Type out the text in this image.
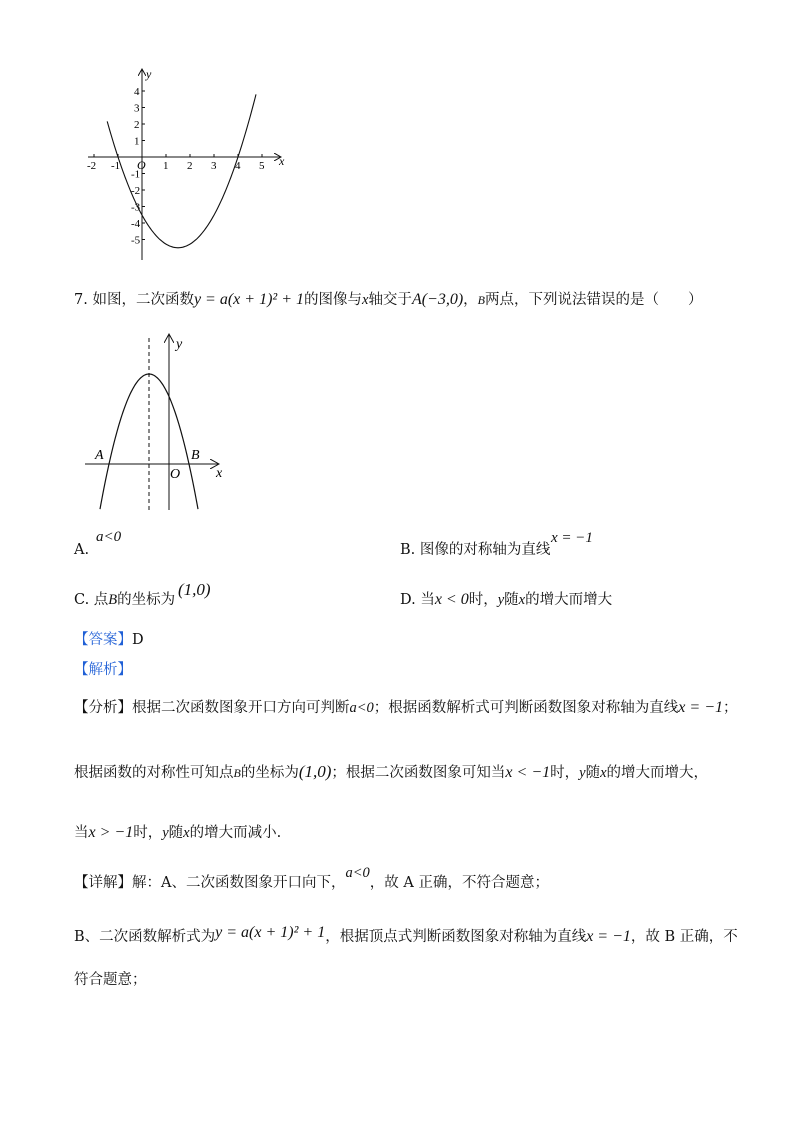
-2 -1	1 2 3 4 5
4
3
2
1
-1
-2
-3
-4
-5
x
y
O
7. 如图，二次函数y = a(x + 1)² + 1的图像与x轴交于A(−3,0)，B两点，下列说法错误的是（　　）
A	B
O	x
y
A.
a<0
B. 图像的对称轴为直线
x = −1
C. 点B的坐标为
(1,0)
D. 当x < 0时，y随x的增大而增大
【答案】D
【解析】
【分析】根据二次函数图象开口方向可判断a<0；根据函数解析式可判断函数图象对称轴为直线x = −1；
根据函数的对称性可知点B的坐标为(1,0)；根据二次函数图象可知当x < −1时，y随x的增大而增大，
当x > −1时，y随x的增大而减小.
【详解】解：A、二次函数图象开口向下，a<0，故 A 正确，不符合题意；
B、二次函数解析式为y = a(x + 1)² + 1，根据顶点式判断函数图象对称轴为直线x = −1，故 B 正确，不
符合题意；
